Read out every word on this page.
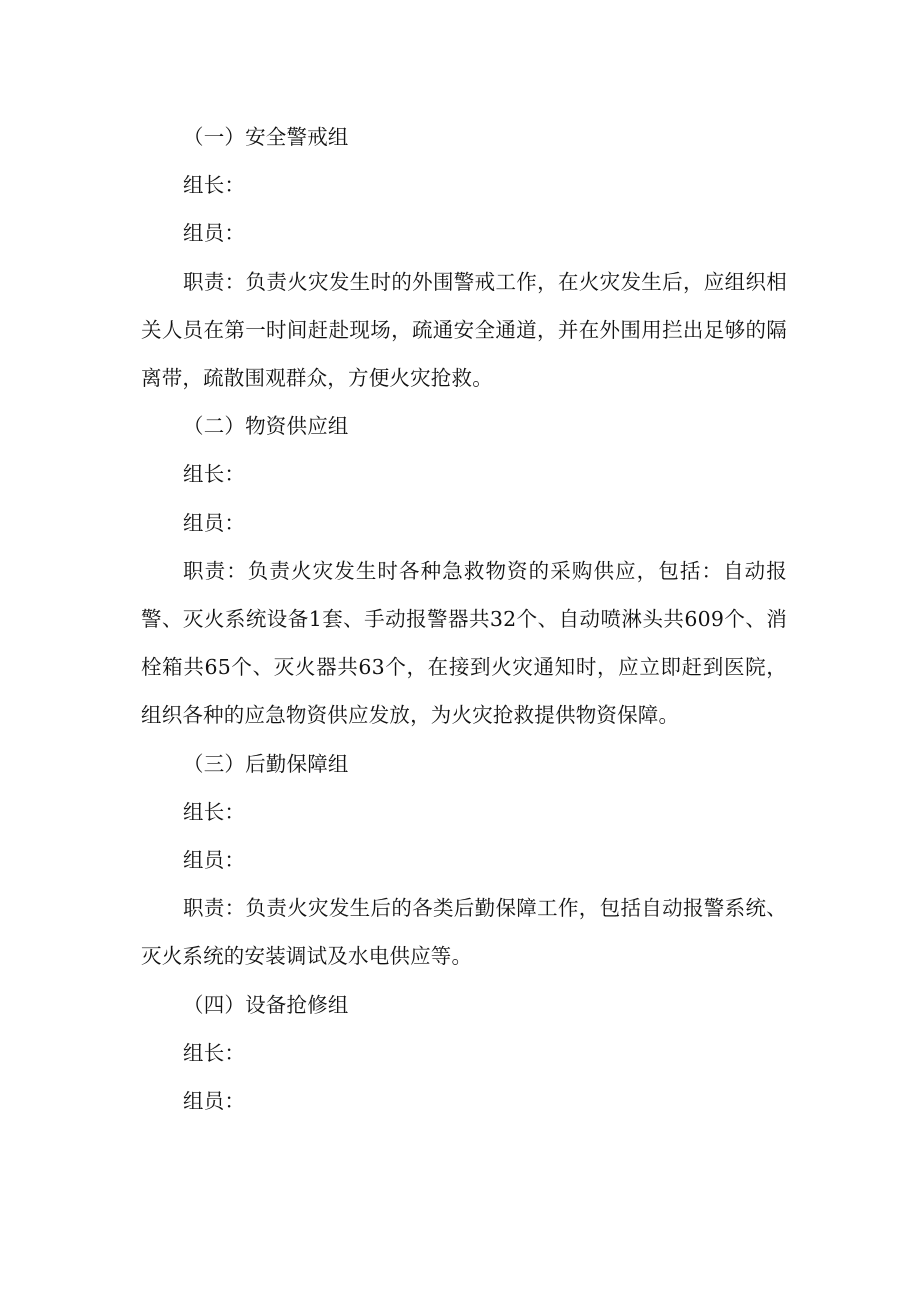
（一）安全警戒组

组长：

组员：

职责：负责火灾发生时的外围警戒工作，在火灾发生后，应组织相关人员在第一时间赶赴现场，疏通安全通道，并在外围用拦出足够的隔离带，疏散围观群众，方便火灾抢救。

（二）物资供应组

组长：

组员：

职责：负责火灾发生时各种急救物资的采购供应，包括：自动报警、灭火系统设备1套、手动报警器共32个、自动喷淋头共609个、消栓箱共65个、灭火器共63个，在接到火灾通知时，应立即赶到医院，组织各种的应急物资供应发放，为火灾抢救提供物资保障。

（三）后勤保障组

组长：

组员：

职责：负责火灾发生后的各类后勤保障工作，包括自动报警系统、灭火系统的安装调试及水电供应等。

（四）设备抢修组

组长：

组员：
